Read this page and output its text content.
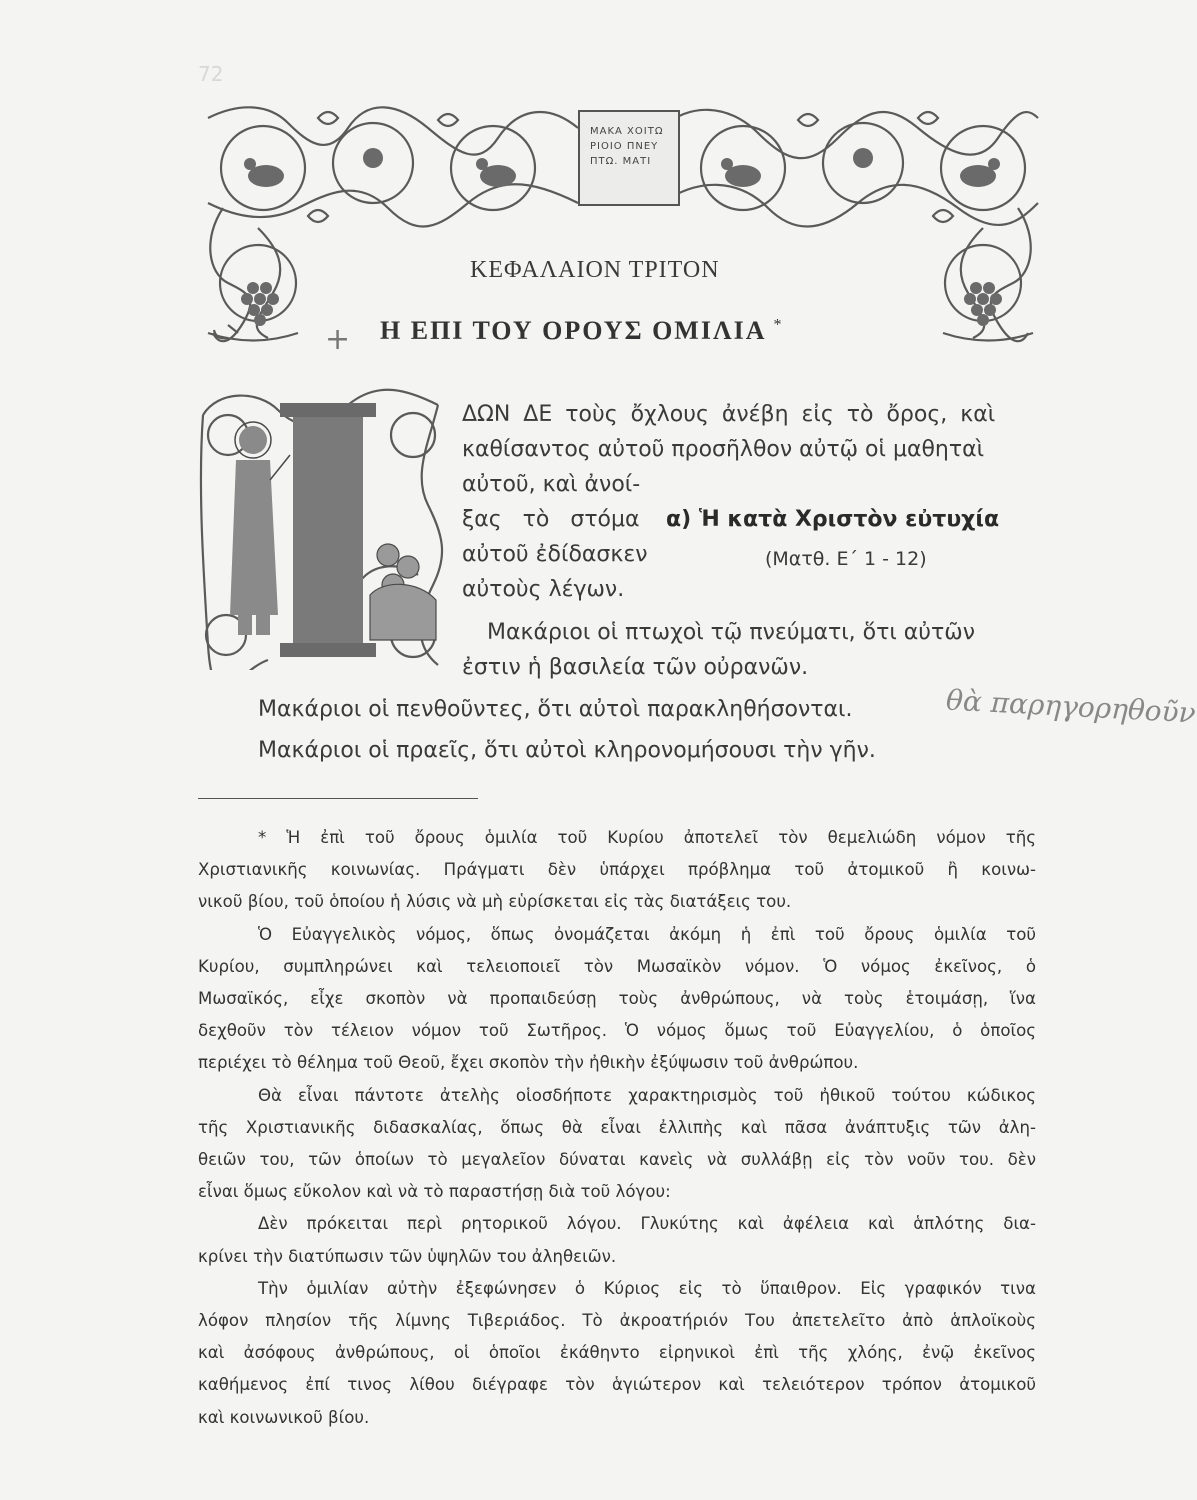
72
ΜΑΚΑ ΧΟΙΤΩ
ΡΙΟΙΟ ΠΝΕΥ
ΠΤΩ. ΜΑΤΙ
ΚΕΦΑΛΑΙΟΝ ΤΡΙΤΟΝ
Η ΕΠΙ ΤΟΥ ΟΡΟΥΣ ΟΜΙΛΙΑ *
+
ΔΩΝ ΔΕ τοὺς ὄχλους ἀνέβη εἰς τὸ ὄρος, καὶ
καθίσαντος αὐτοῦ προσῆλθον αὐτῷ οἱ μαθηταὶ
αὐτοῦ, καὶ ἀνοί-
ξας τὸ στόμα
αὐτοῦ ἐδίδασκεν
αὐτοὺς λέγων.
Μακάριοι οἱ πτωχοὶ τῷ πνεύματι, ὅτι αὐτῶν
ἐστιν ἡ βασιλεία τῶν οὐρανῶν.
Μακάριοι οἱ πενθοῦντες, ὅτι αὐτοὶ παρακληθήσονται.
Μακάριοι οἱ πραεῖς, ὅτι αὐτοὶ κληρονομήσουσι τὴν γῆν.
α) Ἡ κατὰ Χριστὸν εὐτυχία
(Ματθ. Ε΄ 1 - 12)
θὰ παρηγορηθοῦν
* Ἡ ἐπὶ τοῦ ὄρους ὁμιλία τοῦ Κυρίου ἀποτελεῖ τὸν θεμελιώδη νόμον τῆς
Χριστιανικῆς κοινωνίας. Πράγματι δὲν ὑπάρχει πρόβλημα τοῦ ἀτομικοῦ ἢ κοινω-
νικοῦ βίου, τοῦ ὁποίου ἡ λύσις νὰ μὴ εὑρίσκεται εἰς τὰς διατάξεις του.
Ὁ Εὐαγγελικὸς νόμος, ὅπως ὀνομάζεται ἀκόμη ἡ ἐπὶ τοῦ ὄρους ὁμιλία τοῦ
Κυρίου, συμπληρώνει καὶ τελειοποιεῖ τὸν Μωσαϊκὸν νόμον. Ὁ νόμος ἐκεῖνος, ὁ
Μωσαϊκός, εἶχε σκοπὸν νὰ προπαιδεύσῃ τοὺς ἀνθρώπους, νὰ τοὺς ἑτοιμάσῃ, ἵνα
δεχθοῦν τὸν τέλειον νόμον τοῦ Σωτῆρος. Ὁ νόμος ὅμως τοῦ Εὐαγγελίου, ὁ ὁποῖος
περιέχει τὸ θέλημα τοῦ Θεοῦ, ἔχει σκοπὸν τὴν ἠθικὴν ἐξύψωσιν τοῦ ἀνθρώπου.
Θὰ εἶναι πάντοτε ἀτελὴς οἱοσδήποτε χαρακτηρισμὸς τοῦ ἠθικοῦ τούτου κώδικος
τῆς Χριστιανικῆς διδασκαλίας, ὅπως θὰ εἶναι ἐλλιπὴς καὶ πᾶσα ἀνάπτυξις τῶν ἀλη-
θειῶν του, τῶν ὁποίων τὸ μεγαλεῖον δύναται κανεὶς νὰ συλλάβῃ εἰς τὸν νοῦν του. δὲν
εἶναι ὅμως εὔκολον καὶ νὰ τὸ παραστήσῃ διὰ τοῦ λόγου:
Δὲν πρόκειται περὶ ρητορικοῦ λόγου. Γλυκύτης καὶ ἀφέλεια καὶ ἁπλότης δια-
κρίνει τὴν διατύπωσιν τῶν ὑψηλῶν του ἀληθειῶν.
Τὴν ὁμιλίαν αὐτὴν ἐξεφώνησεν ὁ Κύριος εἰς τὸ ὕπαιθρον. Εἰς γραφικόν τινα
λόφον πλησίον τῆς λίμνης Τιβεριάδος. Τὸ ἀκροατήριόν Του ἀπετελεῖτο ἀπὸ ἁπλοϊκοὺς
καὶ ἀσόφους ἀνθρώπους, οἱ ὁποῖοι ἐκάθηντο εἰρηνικοὶ ἐπὶ τῆς χλόης, ἐνῷ ἐκεῖνος
καθήμενος ἐπί τινος λίθου διέγραφε τὸν ἁγιώτερον καὶ τελειότερον τρόπον ἀτομικοῦ
καὶ κοινωνικοῦ βίου.
